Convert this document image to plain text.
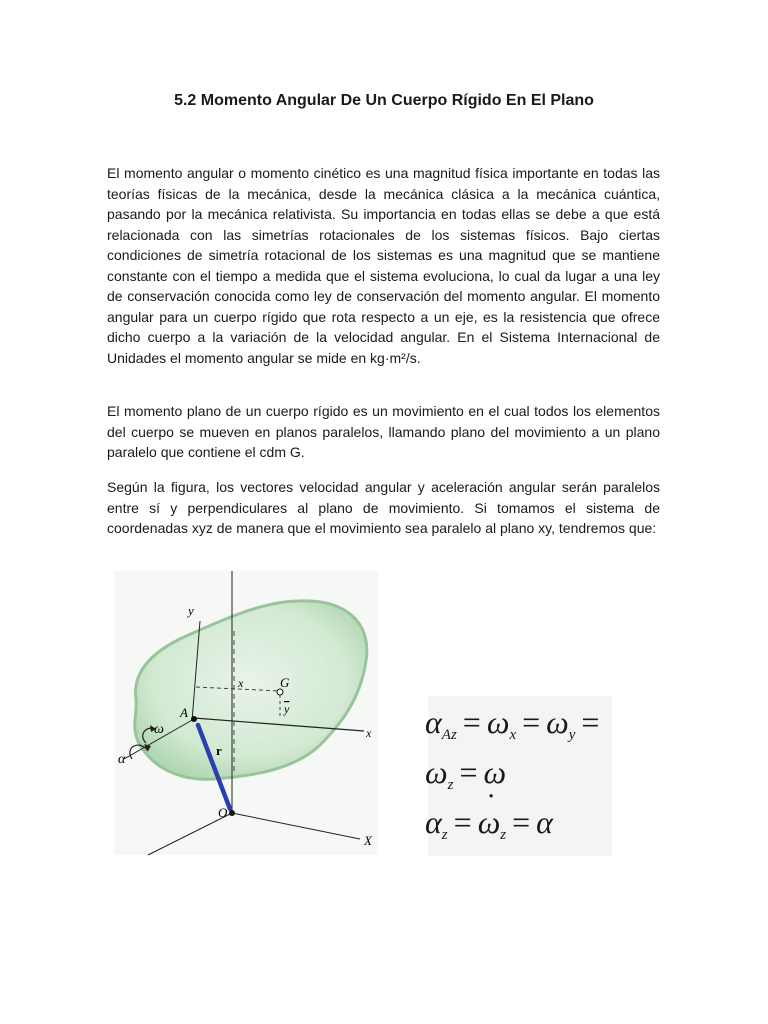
5.2 Momento Angular De Un Cuerpo Rígido En El Plano

El momento angular o momento cinético es una magnitud física importante en todas las teorías físicas de la mecánica, desde la mecánica clásica a la mecánica cuántica, pasando por la mecánica relativista. Su importancia en todas ellas se debe a que está relacionada con las simetrías rotacionales de los sistemas físicos. Bajo ciertas condiciones de simetría rotacional de los sistemas es una magnitud que se mantiene constante con el tiempo a medida que el sistema evoluciona, lo cual da lugar a una ley de conservación conocida como ley de conservación del momento angular. El momento angular para un cuerpo rígido que rota respecto a un eje, es la resistencia que ofrece dicho cuerpo a la variación de la velocidad angular. En el Sistema Internacional de Unidades el momento angular se mide en kg·m²/s.

El momento plano de un cuerpo rígido es un movimiento en el cual todos los elementos del cuerpo se mueven en planos paralelos, llamando plano del movimiento a un plano paralelo que contiene el cdm G.

Según la figura, los vectores velocidad angular y aceleración angular serán paralelos entre sí y perpendiculares al plano de movimiento. Si tomamos el sistema de coordenadas xyz de manera que el movimiento sea paralelo al plano xy, tendremos que:

y
x
X
A
O
G
x
y
r
ω
α
$\alpha_{Az} = \omega_x = \omega_y$ =
$\omega_z = \omega$
$\alpha_z$ = ˙ $\omega_z = \alpha$
